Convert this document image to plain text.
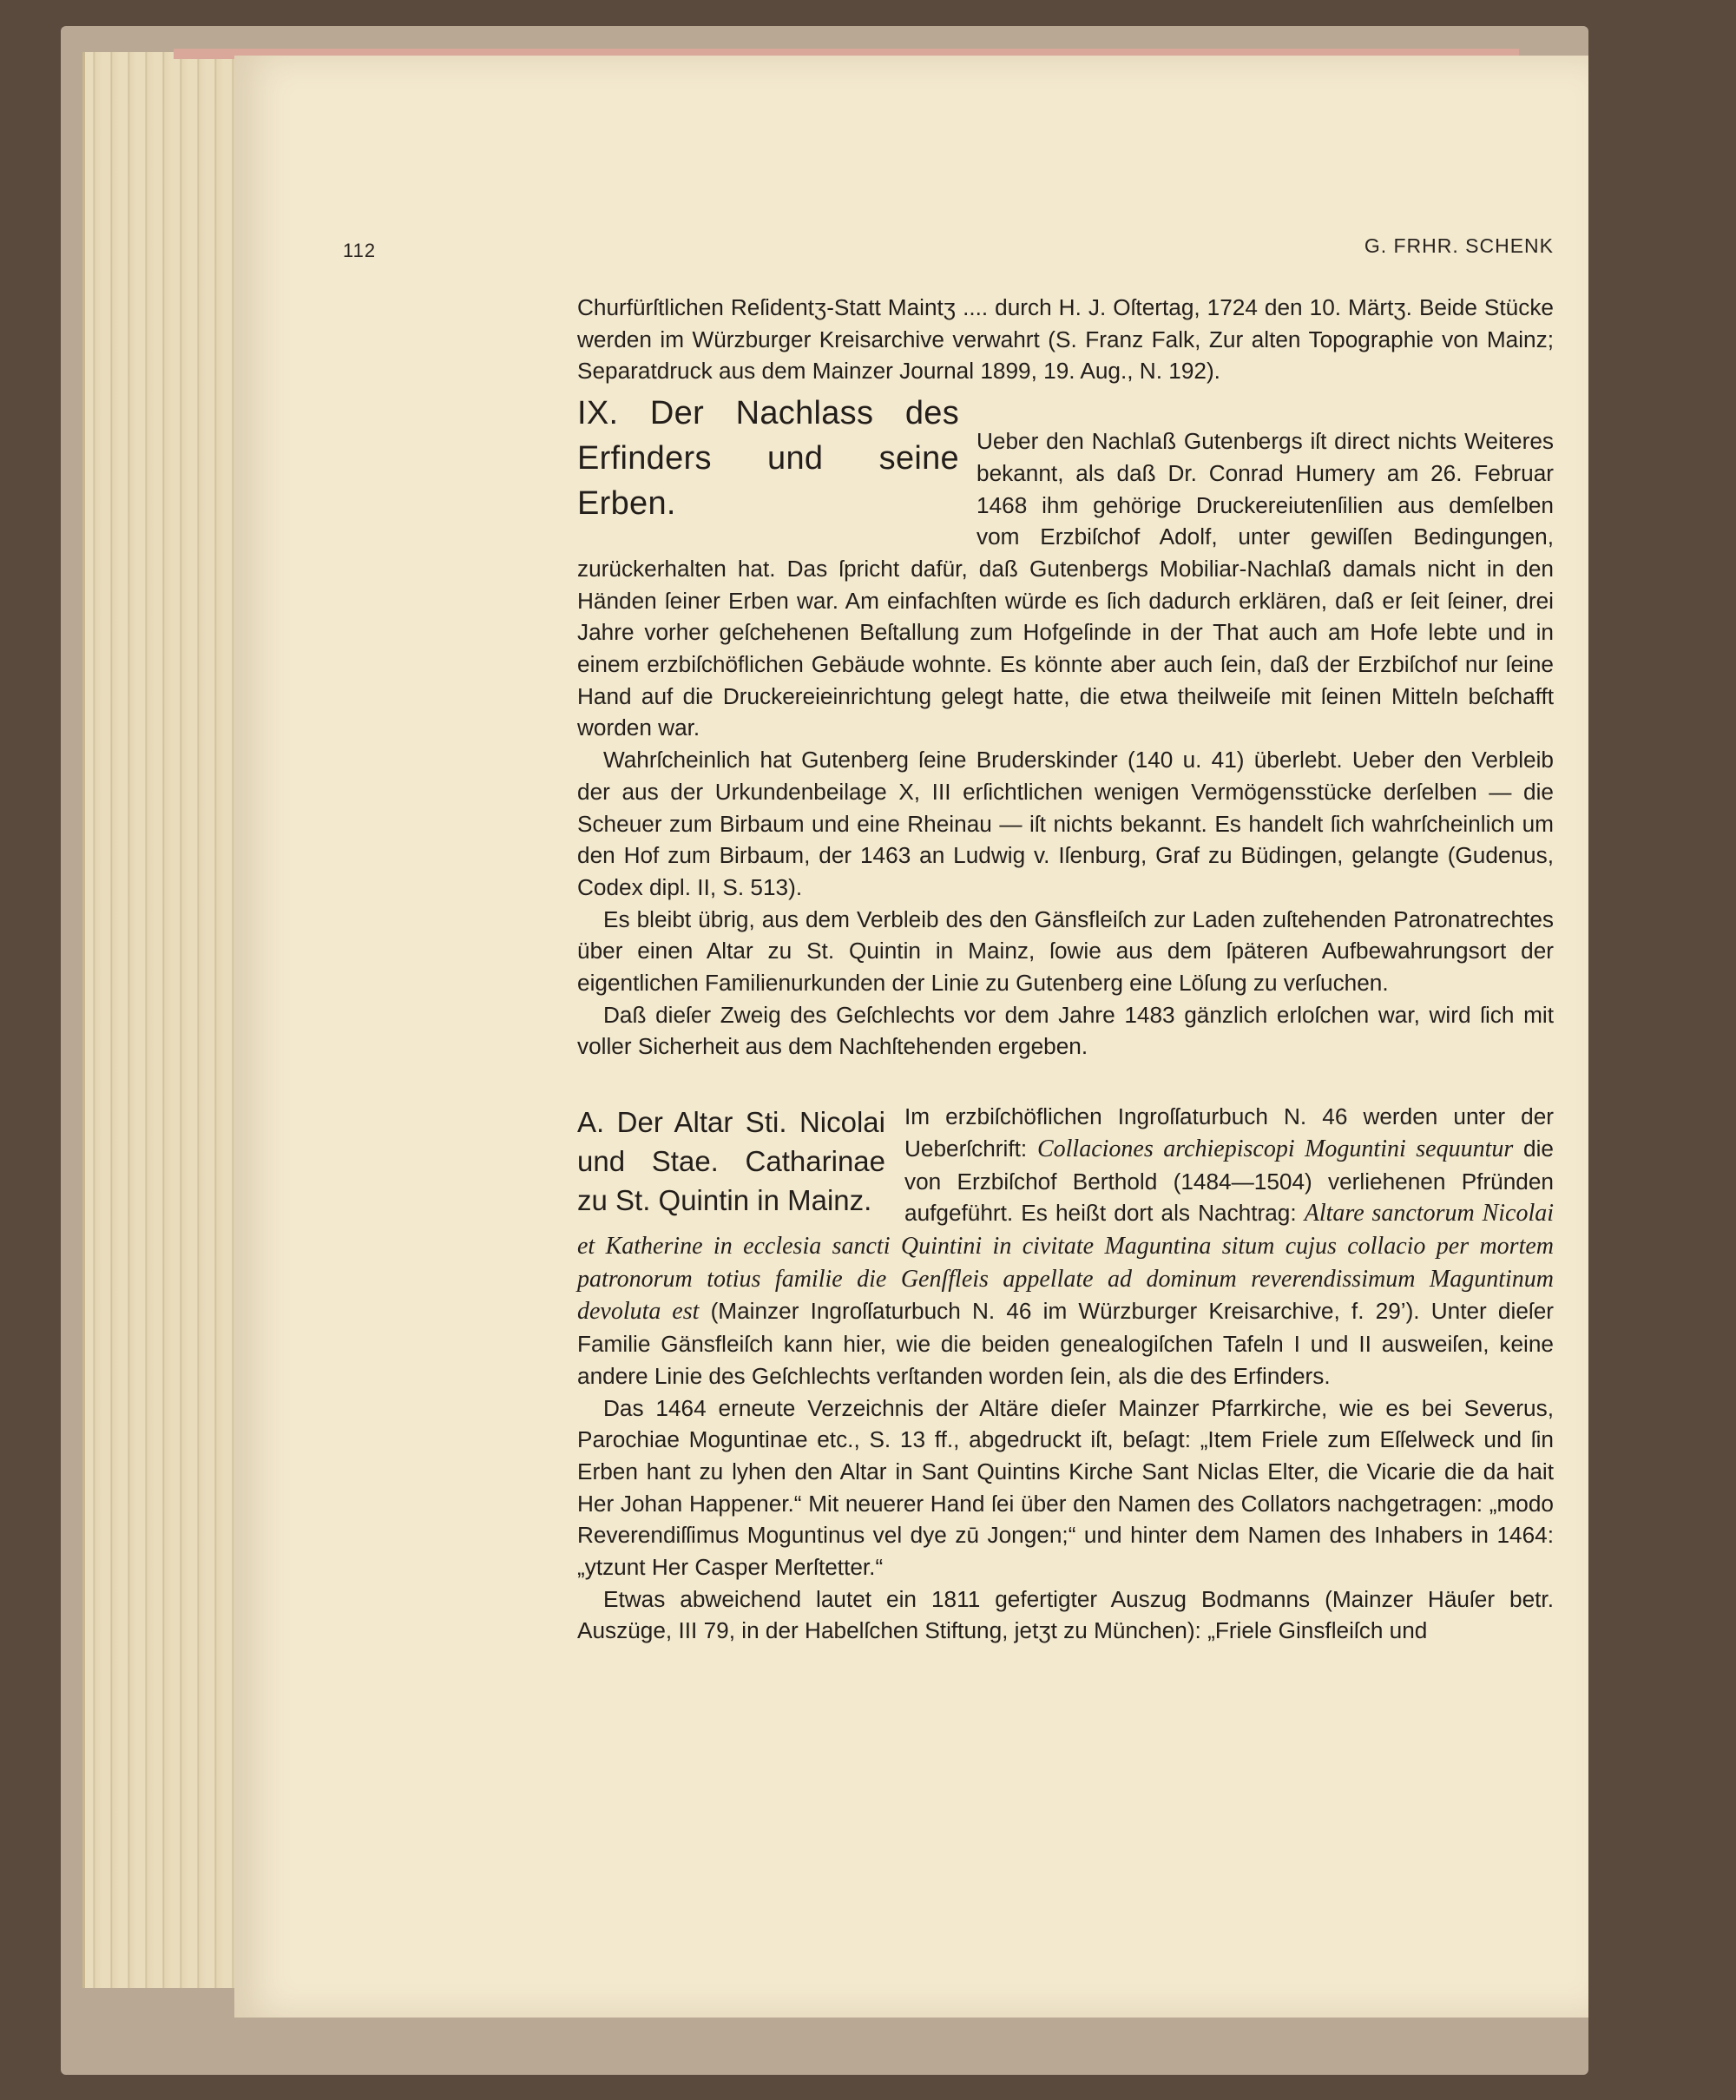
112	G. FRHR. SCHENK

Churfürſtlichen Reſidentʒ-Statt Maintʒ .... durch H. J. Oſtertag, 1724 den 10. Märtʒ. Beide Stücke werden im Würzburger Kreisarchive verwahrt (S. Franz Falk, Zur alten Topographie von Mainz; Separatdruck aus dem Mainzer Journal 1899, 19. Aug., N. 192).

IX. Der Nachlass des Erfinders und seine Erben.

Ueber den Nachlaß Gutenbergs iſt direct nichts Weiteres bekannt, als daß Dr. Conrad Humery am 26. Februar 1468 ihm gehörige Druckereiutenſilien aus demſelben vom Erzbiſchof Adolf, unter gewiſſen Bedingungen, zurückerhalten hat. Das ſpricht dafür, daß Gutenbergs Mobiliar-Nachlaß damals nicht in den Händen ſeiner Erben war. Am einfachſten würde es ſich dadurch erklären, daß er ſeit ſeiner, drei Jahre vorher geſchehenen Beſtallung zum Hofgeſinde in der That auch am Hofe lebte und in einem erzbiſchöflichen Gebäude wohnte. Es könnte aber auch ſein, daß der Erzbiſchof nur ſeine Hand auf die Druckereieinrichtung gelegt hatte, die etwa theilweiſe mit ſeinen Mitteln beſchafft worden war.

Wahrſcheinlich hat Gutenberg ſeine Bruderskinder (140 u. 41) überlebt. Ueber den Verbleib der aus der Urkundenbeilage X, III erſichtlichen wenigen Vermögensstücke derſelben — die Scheuer zum Birbaum und eine Rheinau — iſt nichts bekannt. Es handelt ſich wahrſcheinlich um den Hof zum Birbaum, der 1463 an Ludwig v. Iſenburg, Graf zu Büdingen, gelangte (Gudenus, Codex dipl. II, S. 513).

Es bleibt übrig, aus dem Verbleib des den Gänsfleiſch zur Laden zuſtehenden Patronatrechtes über einen Altar zu St. Quintin in Mainz, ſowie aus dem ſpäteren Aufbewahrungsort der eigentlichen Familienurkunden der Linie zu Gutenberg eine Löſung zu verſuchen.

Daß dieſer Zweig des Geſchlechts vor dem Jahre 1483 gänzlich erloſchen war, wird ſich mit voller Sicherheit aus dem Nachſtehenden ergeben.

A. Der Altar Sti. Nicolai und Stae. Catharinae zu St. Quintin in Mainz.

Im erzbiſchöflichen Ingroſſaturbuch N. 46 werden unter der Ueberſchrift: Collaciones archiepiscopi Moguntini sequuntur die von Erzbiſchof Berthold (1484—1504) verliehenen Pfründen aufgeführt. Es heißt dort als Nachtrag: Altare sanctorum Nicolai et Katherine in ecclesia sancti Quintini in civitate Maguntina situm cujus collacio per mortem patronorum totius familie die Genſfleis appellate ad dominum reverendissimum Maguntinum devoluta est (Mainzer Ingroſſaturbuch N. 46 im Würzburger Kreisarchive, f. 29’). Unter dieſer Familie Gänsfleiſch kann hier, wie die beiden genealogiſchen Tafeln I und II ausweiſen, keine andere Linie des Geſchlechts verſtanden worden ſein, als die des Erfinders.

Das 1464 erneute Verzeichnis der Altäre dieſer Mainzer Pfarrkirche, wie es bei Severus, Parochiae Moguntinae etc., S. 13 ff., abgedruckt iſt, beſagt: „Item Friele zum Eſſelweck und ſin Erben hant zu lyhen den Altar in Sant Quintins Kirche Sant Niclas Elter, die Vicarie die da hait Her Johan Happener.“ Mit neuerer Hand ſei über den Namen des Collators nachgetragen: „modo Reverendiſſimus Moguntinus vel dye zū Jongen;“ und hinter dem Namen des Inhabers in 1464: „ytzunt Her Casper Merſtetter.“

Etwas abweichend lautet ein 1811 gefertigter Auszug Bodmanns (Mainzer Häuſer betr. Auszüge, III 79, in der Habelſchen Stiftung, jetʒt zu München): „Friele Ginsfleiſch und
